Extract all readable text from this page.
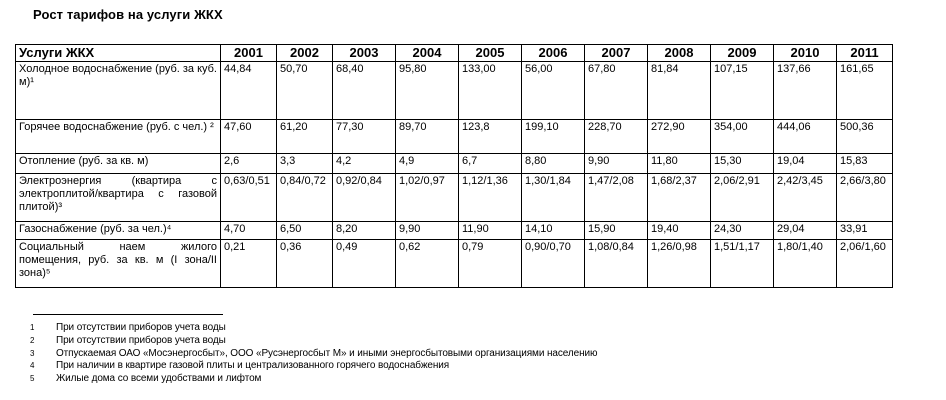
Рост тарифов на услуги ЖКХ
Услуги ЖКХ	2001	2002	2003	2004	2005	2006	2007	2008	2009	2010	2011
Холодное водоснабжение (руб. за куб. м)¹	44,84	50,70	68,40	95,80	133,00	56,00	67,80	81,84	107,15	137,66	161,65
Горячее водоснабжение (руб. с чел.) ²	47,60	61,20	77,30	89,70	123,8	199,10	228,70	272,90	354,00	444,06	500,36
Отопление (руб. за кв. м)	2,6	3,3	4,2	4,9	6,7	8,80	9,90	11,80	15,30	19,04	15,83
Электроэнергия (квартира с электроплитой/квартира с газовой плитой)³	0,63/0,51	0,84/0,72	0,92/0,84	1,02/0,97	1,12/1,36	1,30/1,84	1,47/2,08	1,68/2,37	2,06/2,91	2,42/3,45	2,66/3,80
Газоснабжение (руб. за чел.)⁴	4,70	6,50	8,20	9,90	11,90	14,10	15,90	19,40	24,30	29,04	33,91
Социальный наем жилого помещения, руб. за кв. м (I зона/II зона)⁵	0,21	0,36	0,49	0,62	0,79	0,90/0,70	1,08/0,84	1,26/0,98	1,51/1,17	1,80/1,40	2,06/1,60
1	При отсутствии приборов учета воды
2	При отсутствии приборов учета воды
3	Отпускаемая ОАО «Мосэнергосбыт», ООО «Русэнергосбыт М» и иными энергосбытовыми организациями населению
4	При наличии в квартире газовой плиты и централизованного горячего водоснабжения
5	Жилые дома со всеми удобствами и лифтом
